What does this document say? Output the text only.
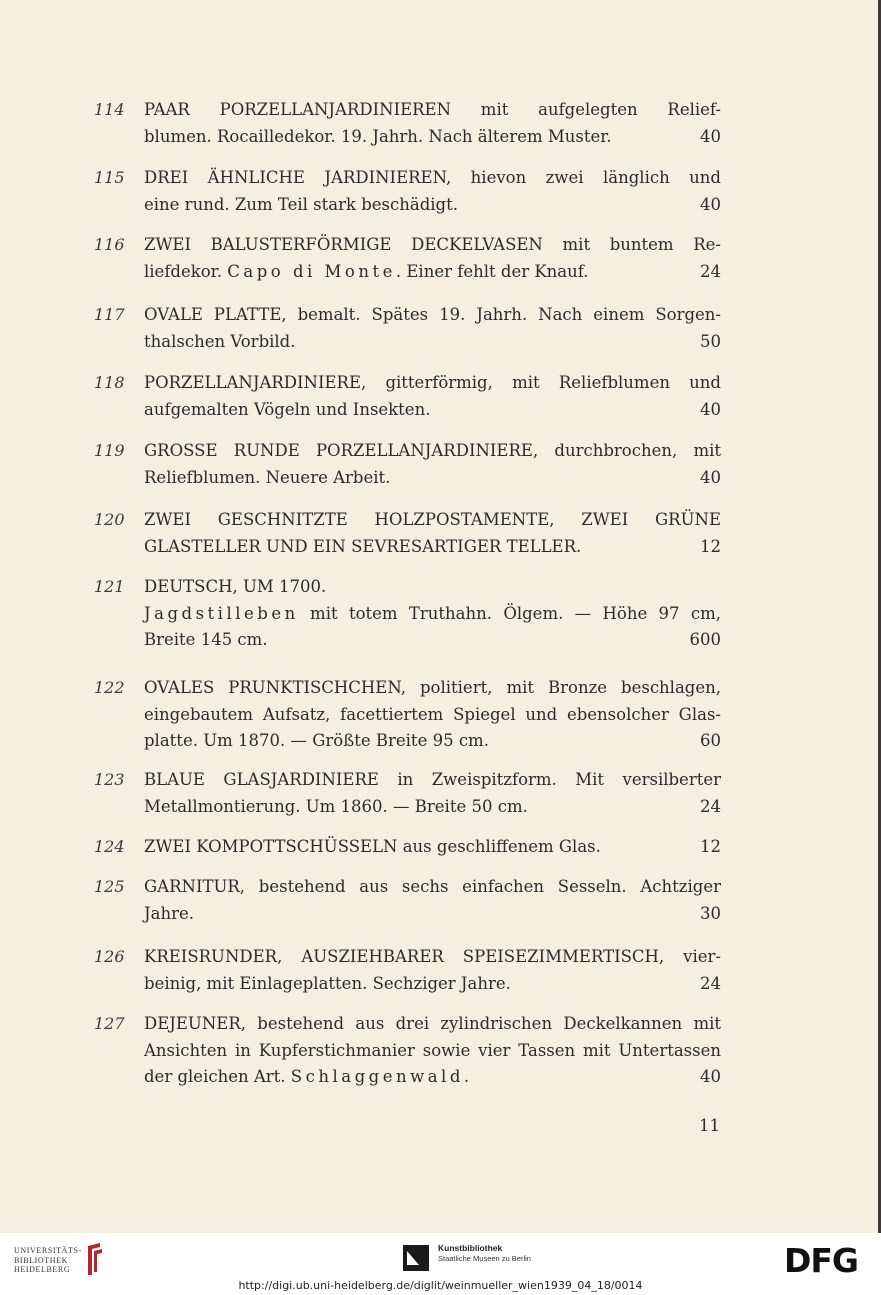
114	PAAR PORZELLANJARDINIEREN mit aufgelegten Relief-
blumen. Rocailledekor. 19. Jahrh. Nach älterem Muster.	40
115	DREI ÄHNLICHE JARDINIEREN, hievon zwei länglich und
eine rund. Zum Teil stark beschädigt.	40
116	ZWEI BALUSTERFÖRMIGE DECKELVASEN mit buntem Re-
liefdekor. Capo di Monte. Einer fehlt der Knauf.	24
117	OVALE PLATTE, bemalt. Spätes 19. Jahrh. Nach einem Sorgen-
thalschen Vorbild.	50
118	PORZELLANJARDINIERE, gitterförmig, mit Reliefblumen und
aufgemalten Vögeln und Insekten.	40
119	GROSSE RUNDE PORZELLANJARDINIERE, durchbrochen, mit
Reliefblumen. Neuere Arbeit.	40
120	ZWEI GESCHNITZTE HOLZPOSTAMENTE, ZWEI GRÜNE
GLASTELLER UND EIN SEVRESARTIGER TELLER.	12
121	DEUTSCH, UM 1700.
Jagdstilleben mit totem Truthahn. Ölgem. — Höhe 97 cm,
Breite 145 cm.	600
122	OVALES PRUNKTISCHCHEN, politiert, mit Bronze beschlagen,
eingebautem Aufsatz, facettiertem Spiegel und ebensolcher Glas-
platte. Um 1870. — Größte Breite 95 cm.	60
123	BLAUE GLASJARDINIERE in Zweispitzform. Mit versilberter
Metallmontierung. Um 1860. — Breite 50 cm.	24
124	ZWEI KOMPOTTSCHÜSSELN aus geschliffenem Glas.	12
125	GARNITUR, bestehend aus sechs einfachen Sesseln. Achtziger
Jahre.	30
126	KREISRUNDER, AUSZIEHBARER SPEISEZIMMERTISCH, vier-
beinig, mit Einlageplatten. Sechziger Jahre.	24
127	DEJEUNER, bestehend aus drei zylindrischen Deckelkannen mit
Ansichten in Kupferstichmanier sowie vier Tassen mit Untertassen
der gleichen Art. Schlaggenwald.	40
11
UNIVERSITÄTS-
BIBLIOTHEK
HEIDELBERG
Kunstbibliothek
Staatliche Museen zu Berlin	DFG
http://digi.ub.uni-heidelberg.de/diglit/weinmueller_wien1939_04_18/0014
